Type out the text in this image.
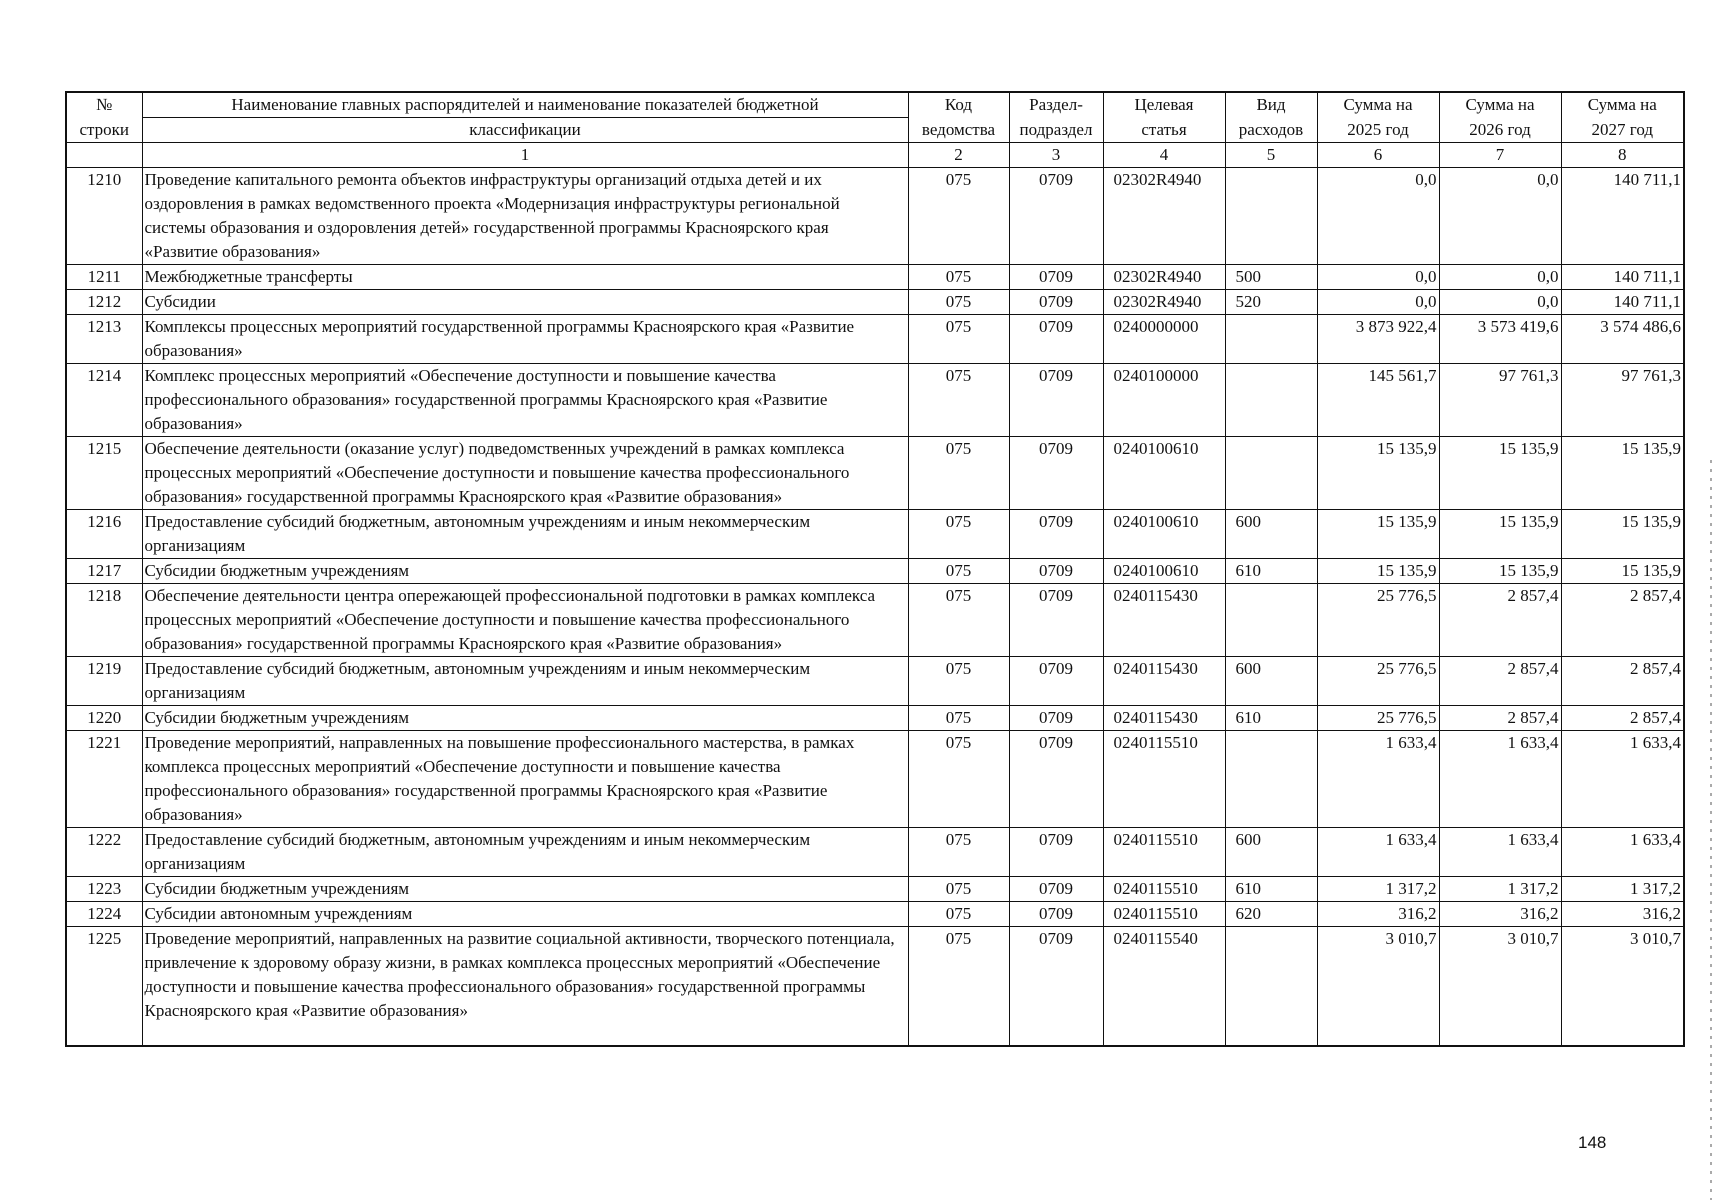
№	Наименование главных распорядителей и наименование показателей бюджетной	Код	Раздел-	Целевая	Вид	Сумма на	Сумма на	Сумма на
строки	классификации	ведомства	подраздел	статья	расходов	2025 год	2026 год	2027 год
	1	2	3	4	5	6	7	8
1210	Проведение капитального ремонта объектов инфраструктуры организаций отдыха детей и их оздоровления в рамках ведомственного проекта «Модернизация инфраструктуры региональной системы образования и оздоровления детей» государственной программы Красноярского края «Развитие образования»	075	0709	02302R4940		0,0	0,0	140 711,1
1211	Межбюджетные трансферты	075	0709	02302R4940	500	0,0	0,0	140 711,1
1212	Субсидии	075	0709	02302R4940	520	0,0	0,0	140 711,1
1213	Комплексы процессных мероприятий государственной программы Красноярского края «Развитие образования»	075	0709	0240000000		3 873 922,4	3 573 419,6	3 574 486,6
1214	Комплекс процессных мероприятий «Обеспечение доступности и повышение качества профессионального образования» государственной программы Красноярского края «Развитие образования»	075	0709	0240100000		145 561,7	97 761,3	97 761,3
1215	Обеспечение деятельности (оказание услуг) подведомственных учреждений в рамках комплекса процессных мероприятий «Обеспечение доступности и повышение качества профессионального образования» государственной программы Красноярского края «Развитие образования»	075	0709	0240100610		15 135,9	15 135,9	15 135,9
1216	Предоставление субсидий бюджетным, автономным учреждениям и иным некоммерческим организациям	075	0709	0240100610	600	15 135,9	15 135,9	15 135,9
1217	Субсидии бюджетным учреждениям	075	0709	0240100610	610	15 135,9	15 135,9	15 135,9
1218	Обеспечение деятельности центра опережающей профессиональной подготовки в рамках комплекса процессных мероприятий «Обеспечение доступности и повышение качества профессионального образования» государственной программы Красноярского края «Развитие образования»	075	0709	0240115430		25 776,5	2 857,4	2 857,4
1219	Предоставление субсидий бюджетным, автономным учреждениям и иным некоммерческим организациям	075	0709	0240115430	600	25 776,5	2 857,4	2 857,4
1220	Субсидии бюджетным учреждениям	075	0709	0240115430	610	25 776,5	2 857,4	2 857,4
1221	Проведение мероприятий, направленных на повышение профессионального мастерства, в рамках комплекса процессных мероприятий «Обеспечение доступности и повышение качества профессионального образования» государственной программы Красноярского края «Развитие образования»	075	0709	0240115510		1 633,4	1 633,4	1 633,4
1222	Предоставление субсидий бюджетным, автономным учреждениям и иным некоммерческим организациям	075	0709	0240115510	600	1 633,4	1 633,4	1 633,4
1223	Субсидии бюджетным учреждениям	075	0709	0240115510	610	1 317,2	1 317,2	1 317,2
1224	Субсидии автономным учреждениям	075	0709	0240115510	620	316,2	316,2	316,2
1225	Проведение мероприятий, направленных на развитие социальной активности, творческого потенциала, привлечение к здоровому образу жизни, в рамках комплекса процессных мероприятий «Обеспечение доступности и повышение качества профессионального образования» государственной программы Красноярского края «Развитие образования»	075	0709	0240115540		3 010,7	3 010,7	3 010,7
148
